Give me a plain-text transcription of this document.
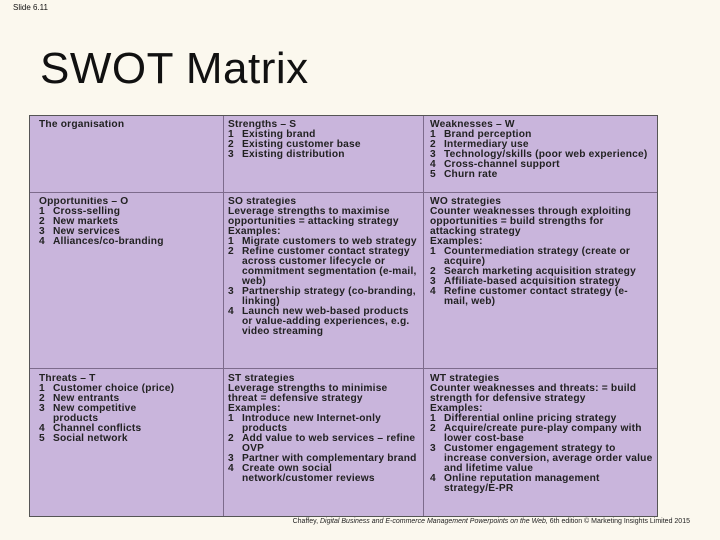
Slide 6.11
SWOT Matrix
The organisation	Strengths – S
1 Existing brand
2 Existing customer base
3 Existing distribution
Weaknesses – W
1 Brand perception
2 Intermediary use
3 Technology/skills (poor web experience)
4 Cross-channel support
5 Churn rate
Opportunities – O
1 Cross-selling
2 New markets
3 New services
4 Alliances/co-branding
SO strategies
Leverage strengths to maximise opportunities = attacking strategy
Examples:
1 Migrate customers to web strategy
2 Refine customer contact strategy across customer lifecycle or commitment segmentation (e-mail, web)
3 Partnership strategy (co-branding, linking)
4 Launch new web-based products or value-adding experiences, e.g. video streaming
WO strategies
Counter weaknesses through exploiting opportunities = build strengths for attacking strategy
Examples:
1 Countermediation strategy (create or acquire)
2 Search marketing acquisition strategy
3 Affiliate-based acquisition strategy
4 Refine customer contact strategy (e-mail, web)
Threats – T
1 Customer choice (price)
2 New entrants
3 New competitive products
4 Channel conflicts
5 Social network
ST strategies
Leverage strengths to minimise threat = defensive strategy
Examples:
1 Introduce new Internet-only products
2 Add value to web services – refine OVP
3 Partner with complementary brand
4 Create own social network/customer reviews
WT strategies
Counter weaknesses and threats: = build strength for defensive strategy
Examples:
1 Differential online pricing strategy
2 Acquire/create pure-play company with lower cost-base
3 Customer engagement strategy to increase conversion, average order value and lifetime value
4 Online reputation management strategy/E-PR
Chaffey, Digital Business and E-commerce Management Powerpoints on the Web, 6th edition © Marketing Insights Limited 2015
